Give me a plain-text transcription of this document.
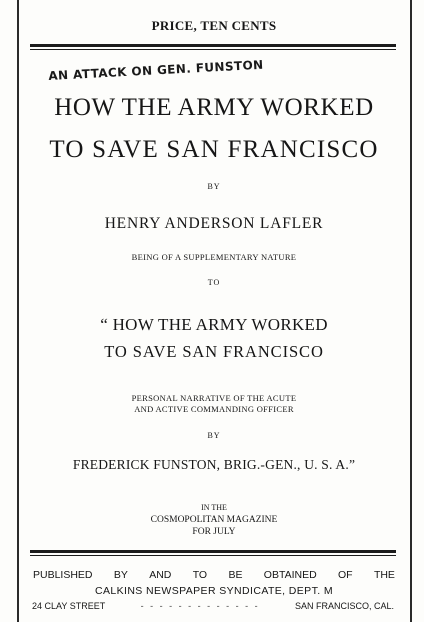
PRICE, TEN CENTS
AN ATTACK ON GEN. FUNSTON
HOW THE ARMY WORKED
TO SAVE SAN FRANCISCO
BY
HENRY ANDERSON LAFLER
BEING OF A SUPPLEMENTARY NATURE
TO
“ HOW THE ARMY WORKED
TO SAVE SAN FRANCISCO
PERSONAL NARRATIVE OF THE ACUTE
AND ACTIVE COMMANDING OFFICER
BY
FREDERICK FUNSTON, BRIG.-GEN., U. S. A.”
IN THE
COSMOPOLITAN MAGAZINE
FOR JULY
PUBLISHED BY AND TO BE OBTAINED OF THE
CALKINS NEWSPAPER SYNDICATE, DEPT. M
24 CLAY STREET	- - - - - - - - - - - - -	SAN FRANCISCO, CAL.
